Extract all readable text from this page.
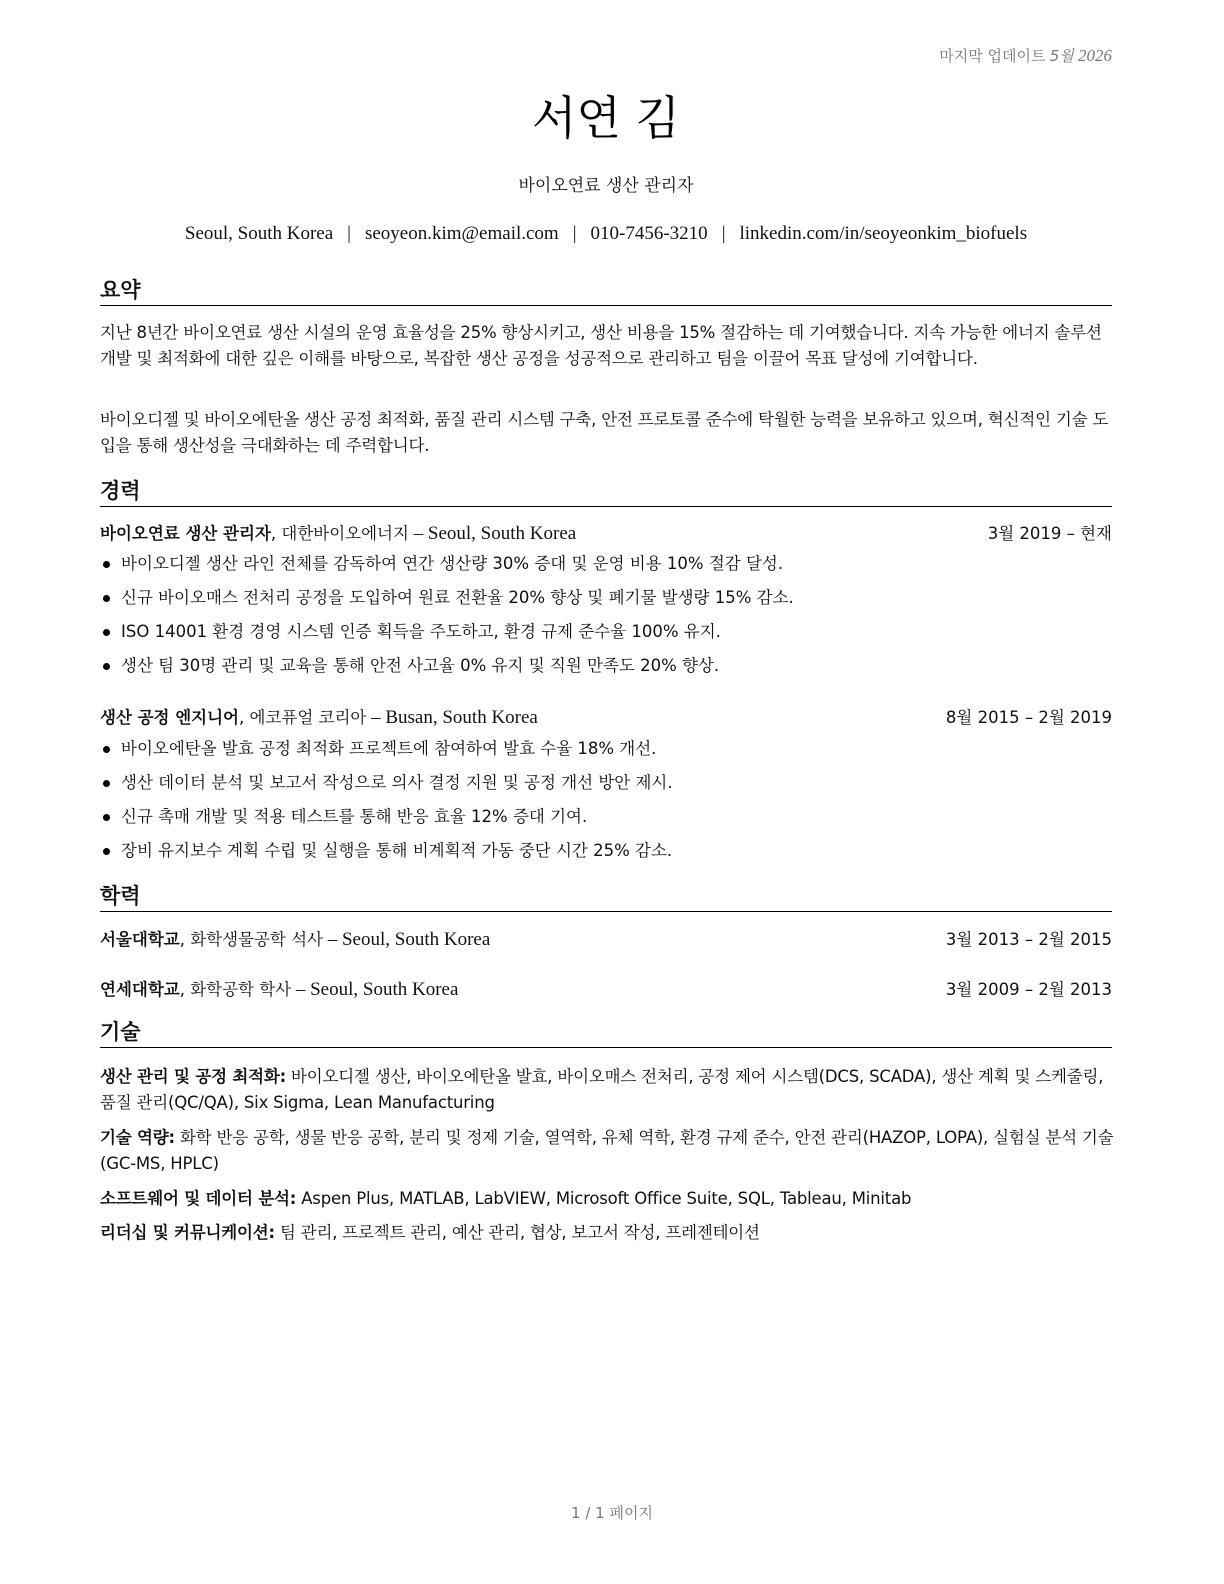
마지막 업데이트 5월 2026
서연 김
바이오연료 생산 관리자
Seoul, South Korea | seoyeon.kim@email.com | 010-7456-3210 | linkedin.com/in/seoyeonkim_biofuels
요약
지난 8년간 바이오연료 생산 시설의 운영 효율성을 25% 향상시키고, 생산 비용을 15% 절감하는 데 기여했습니다. 지속 가능한 에너지 솔루션 개발 및 최적화에 대한 깊은 이해를 바탕으로, 복잡한 생산 공정을 성공적으로 관리하고 팀을 이끌어 목표 달성에 기여합니다.
바이오디젤 및 바이오에탄올 생산 공정 최적화, 품질 관리 시스템 구축, 안전 프로토콜 준수에 탁월한 능력을 보유하고 있으며, 혁신적인 기술 도입을 통해 생산성을 극대화하는 데 주력합니다.
경력
바이오연료 생산 관리자, 대한바이오에너지 – Seoul, South Korea	3월 2019 – 현재
바이오디젤 생산 라인 전체를 감독하여 연간 생산량 30% 증대 및 운영 비용 10% 절감 달성.
신규 바이오매스 전처리 공정을 도입하여 원료 전환율 20% 향상 및 폐기물 발생량 15% 감소.
ISO 14001 환경 경영 시스템 인증 획득을 주도하고, 환경 규제 준수율 100% 유지.
생산 팀 30명 관리 및 교육을 통해 안전 사고율 0% 유지 및 직원 만족도 20% 향상.
생산 공정 엔지니어, 에코퓨얼 코리아 – Busan, South Korea	8월 2015 – 2월 2019
바이오에탄올 발효 공정 최적화 프로젝트에 참여하여 발효 수율 18% 개선.
생산 데이터 분석 및 보고서 작성으로 의사 결정 지원 및 공정 개선 방안 제시.
신규 촉매 개발 및 적용 테스트를 통해 반응 효율 12% 증대 기여.
장비 유지보수 계획 수립 및 실행을 통해 비계획적 가동 중단 시간 25% 감소.
학력
서울대학교, 화학생물공학 석사 – Seoul, South Korea	3월 2013 – 2월 2015
연세대학교, 화학공학 학사 – Seoul, South Korea	3월 2009 – 2월 2013
기술
생산 관리 및 공정 최적화: 바이오디젤 생산, 바이오에탄올 발효, 바이오매스 전처리, 공정 제어 시스템(DCS, SCADA), 생산 계획 및 스케줄링, 품질 관리(QC/QA), Six Sigma, Lean Manufacturing
기술 역량: 화학 반응 공학, 생물 반응 공학, 분리 및 정제 기술, 열역학, 유체 역학, 환경 규제 준수, 안전 관리(HAZOP, LOPA), 실험실 분석 기술(GC-MS, HPLC)
소프트웨어 및 데이터 분석: Aspen Plus, MATLAB, LabVIEW, Microsoft Office Suite, SQL, Tableau, Minitab
리더십 및 커뮤니케이션: 팀 관리, 프로젝트 관리, 예산 관리, 협상, 보고서 작성, 프레젠테이션
1 / 1 페이지
